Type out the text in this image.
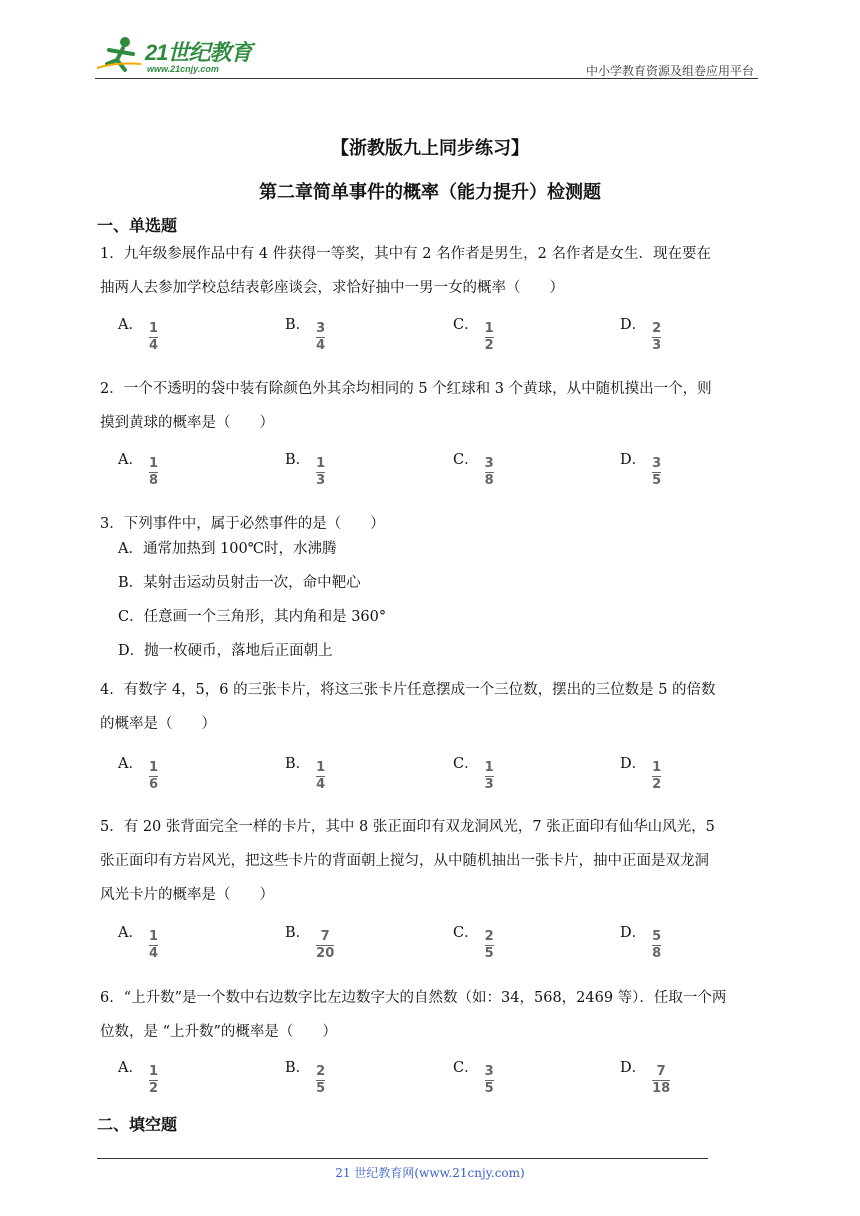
21世纪教育
www.21cnjy.com	中小学教育资源及组卷应用平台
【浙教版九上同步练习】
第二章简单事件的概率（能力提升）检测题
一、单选题
1．九年级参展作品中有 4 件获得一等奖，其中有 2 名作者是男生，2 名作者是女生．现在要在
抽两人去参加学校总结表彰座谈会，求恰好抽中一男一女的概率（　　）
A． $\frac{1}{4}$	B． $\frac{3}{4}$	C． $\frac{1}{2}$	D． $\frac{2}{3}$
2．一个不透明的袋中装有除颜色外其余均相同的 5 个红球和 3 个黄球，从中随机摸出一个，则
摸到黄球的概率是（　　）
A． $\frac{1}{8}$	B． $\frac{1}{3}$	C． $\frac{3}{8}$	D． $\frac{3}{5}$
3．下列事件中，属于必然事件的是（　　）
A．通常加热到 100℃时，水沸腾
B．某射击运动员射击一次，命中靶心
C．任意画一个三角形，其内角和是 360°
D．抛一枚硬币，落地后正面朝上
4．有数字 4，5，6 的三张卡片，将这三张卡片任意摆成一个三位数，摆出的三位数是 5 的倍数
的概率是（　　）
A． $\frac{1}{6}$	B． $\frac{1}{4}$	C． $\frac{1}{3}$	D． $\frac{1}{2}$
5．有 20 张背面完全一样的卡片，其中 8 张正面印有双龙洞风光，7 张正面印有仙华山风光，5
张正面印有方岩风光，把这些卡片的背面朝上搅匀，从中随机抽出一张卡片，抽中正面是双龙洞
风光卡片的概率是（　　）
A． $\frac{1}{4}$	B． $\frac{7}{20}$	C． $\frac{2}{5}$	D． $\frac{5}{8}$
6．“上升数”是一个数中右边数字比左边数字大的自然数（如：34，568，2469 等）．任取一个两
位数，是 “上升数”的概率是（　　）
A． $\frac{1}{2}$	B． $\frac{2}{5}$	C． $\frac{3}{5}$	D． $\frac{7}{18}$
二、填空题
21 世纪教育网(www.21cnjy.com)
